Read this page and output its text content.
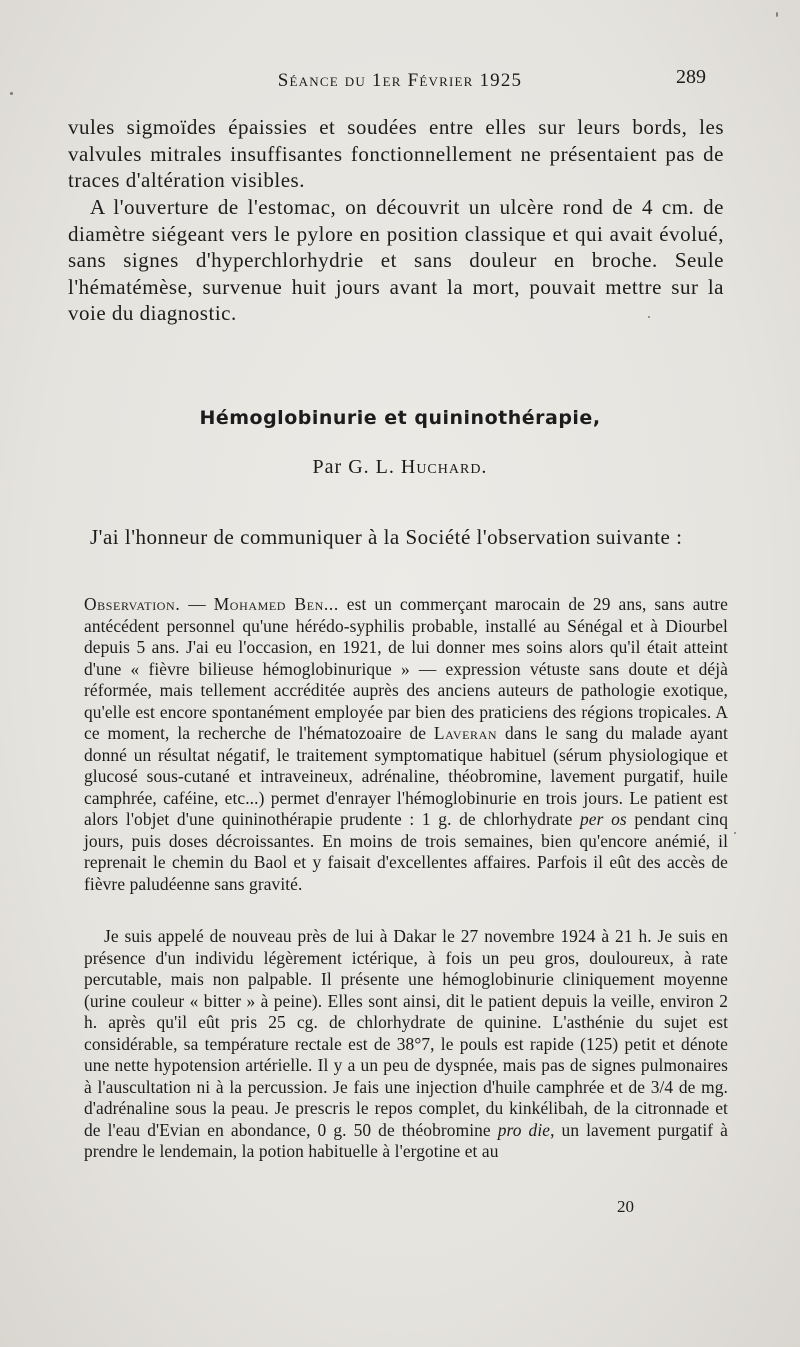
Séance du 1er Février 1925	289

vules sigmoïdes épaissies et soudées entre elles sur leurs bords, les valvules mitrales insuffisantes fonctionnellement ne présentaient pas de traces d'altération visibles.

A l'ouverture de l'estomac, on découvrit un ulcère rond de 4 cm. de diamètre siégeant vers le pylore en position classique et qui avait évolué, sans signes d'hyperchlorhydrie et sans douleur en broche. Seule l'hématémèse, survenue huit jours avant la mort, pouvait mettre sur la voie du diagnostic.

Hémoglobinurie et quininothérapie,
Par G. L. Huchard.

J'ai l'honneur de communiquer à la Société l'observation suivante :

Observation. — Mohamed Ben... est un commerçant marocain de 29 ans, sans autre antécédent personnel qu'une hérédo-syphilis probable, installé au Sénégal et à Diourbel depuis 5 ans. J'ai eu l'occasion, en 1921, de lui donner mes soins alors qu'il était atteint d'une « fièvre bilieuse hémoglobinurique » — expression vétuste sans doute et déjà réformée, mais tellement accréditée auprès des anciens auteurs de pathologie exotique, qu'elle est encore spontanément employée par bien des praticiens des régions tropicales. A ce moment, la recherche de l'hématozoaire de Laveran dans le sang du malade ayant donné un résultat négatif, le traitement symptomatique habituel (sérum physiologique et glucosé sous-cutané et intraveineux, adrénaline, théobromine, lavement purgatif, huile camphrée, caféine, etc...) permet d'enrayer l'hémoglobinurie en trois jours. Le patient est alors l'objet d'une quininothérapie prudente : 1 g. de chlorhydrate per os pendant cinq jours, puis doses décroissantes. En moins de trois semaines, bien qu'encore anémié, il reprenait le chemin du Baol et y faisait d'excellentes affaires. Parfois il eût des accès de fièvre paludéenne sans gravité.

Je suis appelé de nouveau près de lui à Dakar le 27 novembre 1924 à 21 h. Je suis en présence d'un individu légèrement ictérique, à fois un peu gros, douloureux, à rate percutable, mais non palpable. Il présente une hémoglobinurie cliniquement moyenne (urine couleur « bitter » à peine). Elles sont ainsi, dit le patient depuis la veille, environ 2 h. après qu'il eût pris 25 cg. de chlorhydrate de quinine. L'asthénie du sujet est considérable, sa température rectale est de 38°7, le pouls est rapide (125) petit et dénote une nette hypotension artérielle. Il y a un peu de dyspnée, mais pas de signes pulmonaires à l'auscultation ni à la percussion. Je fais une injection d'huile camphrée et de 3/4 de mg. d'adrénaline sous la peau. Je prescris le repos complet, du kinkélibah, de la citronnade et de l'eau d'Evian en abondance, 0 g. 50 de théobromine pro die, un lavement purgatif à prendre le lendemain, la potion habituelle à l'ergotine et au

20
